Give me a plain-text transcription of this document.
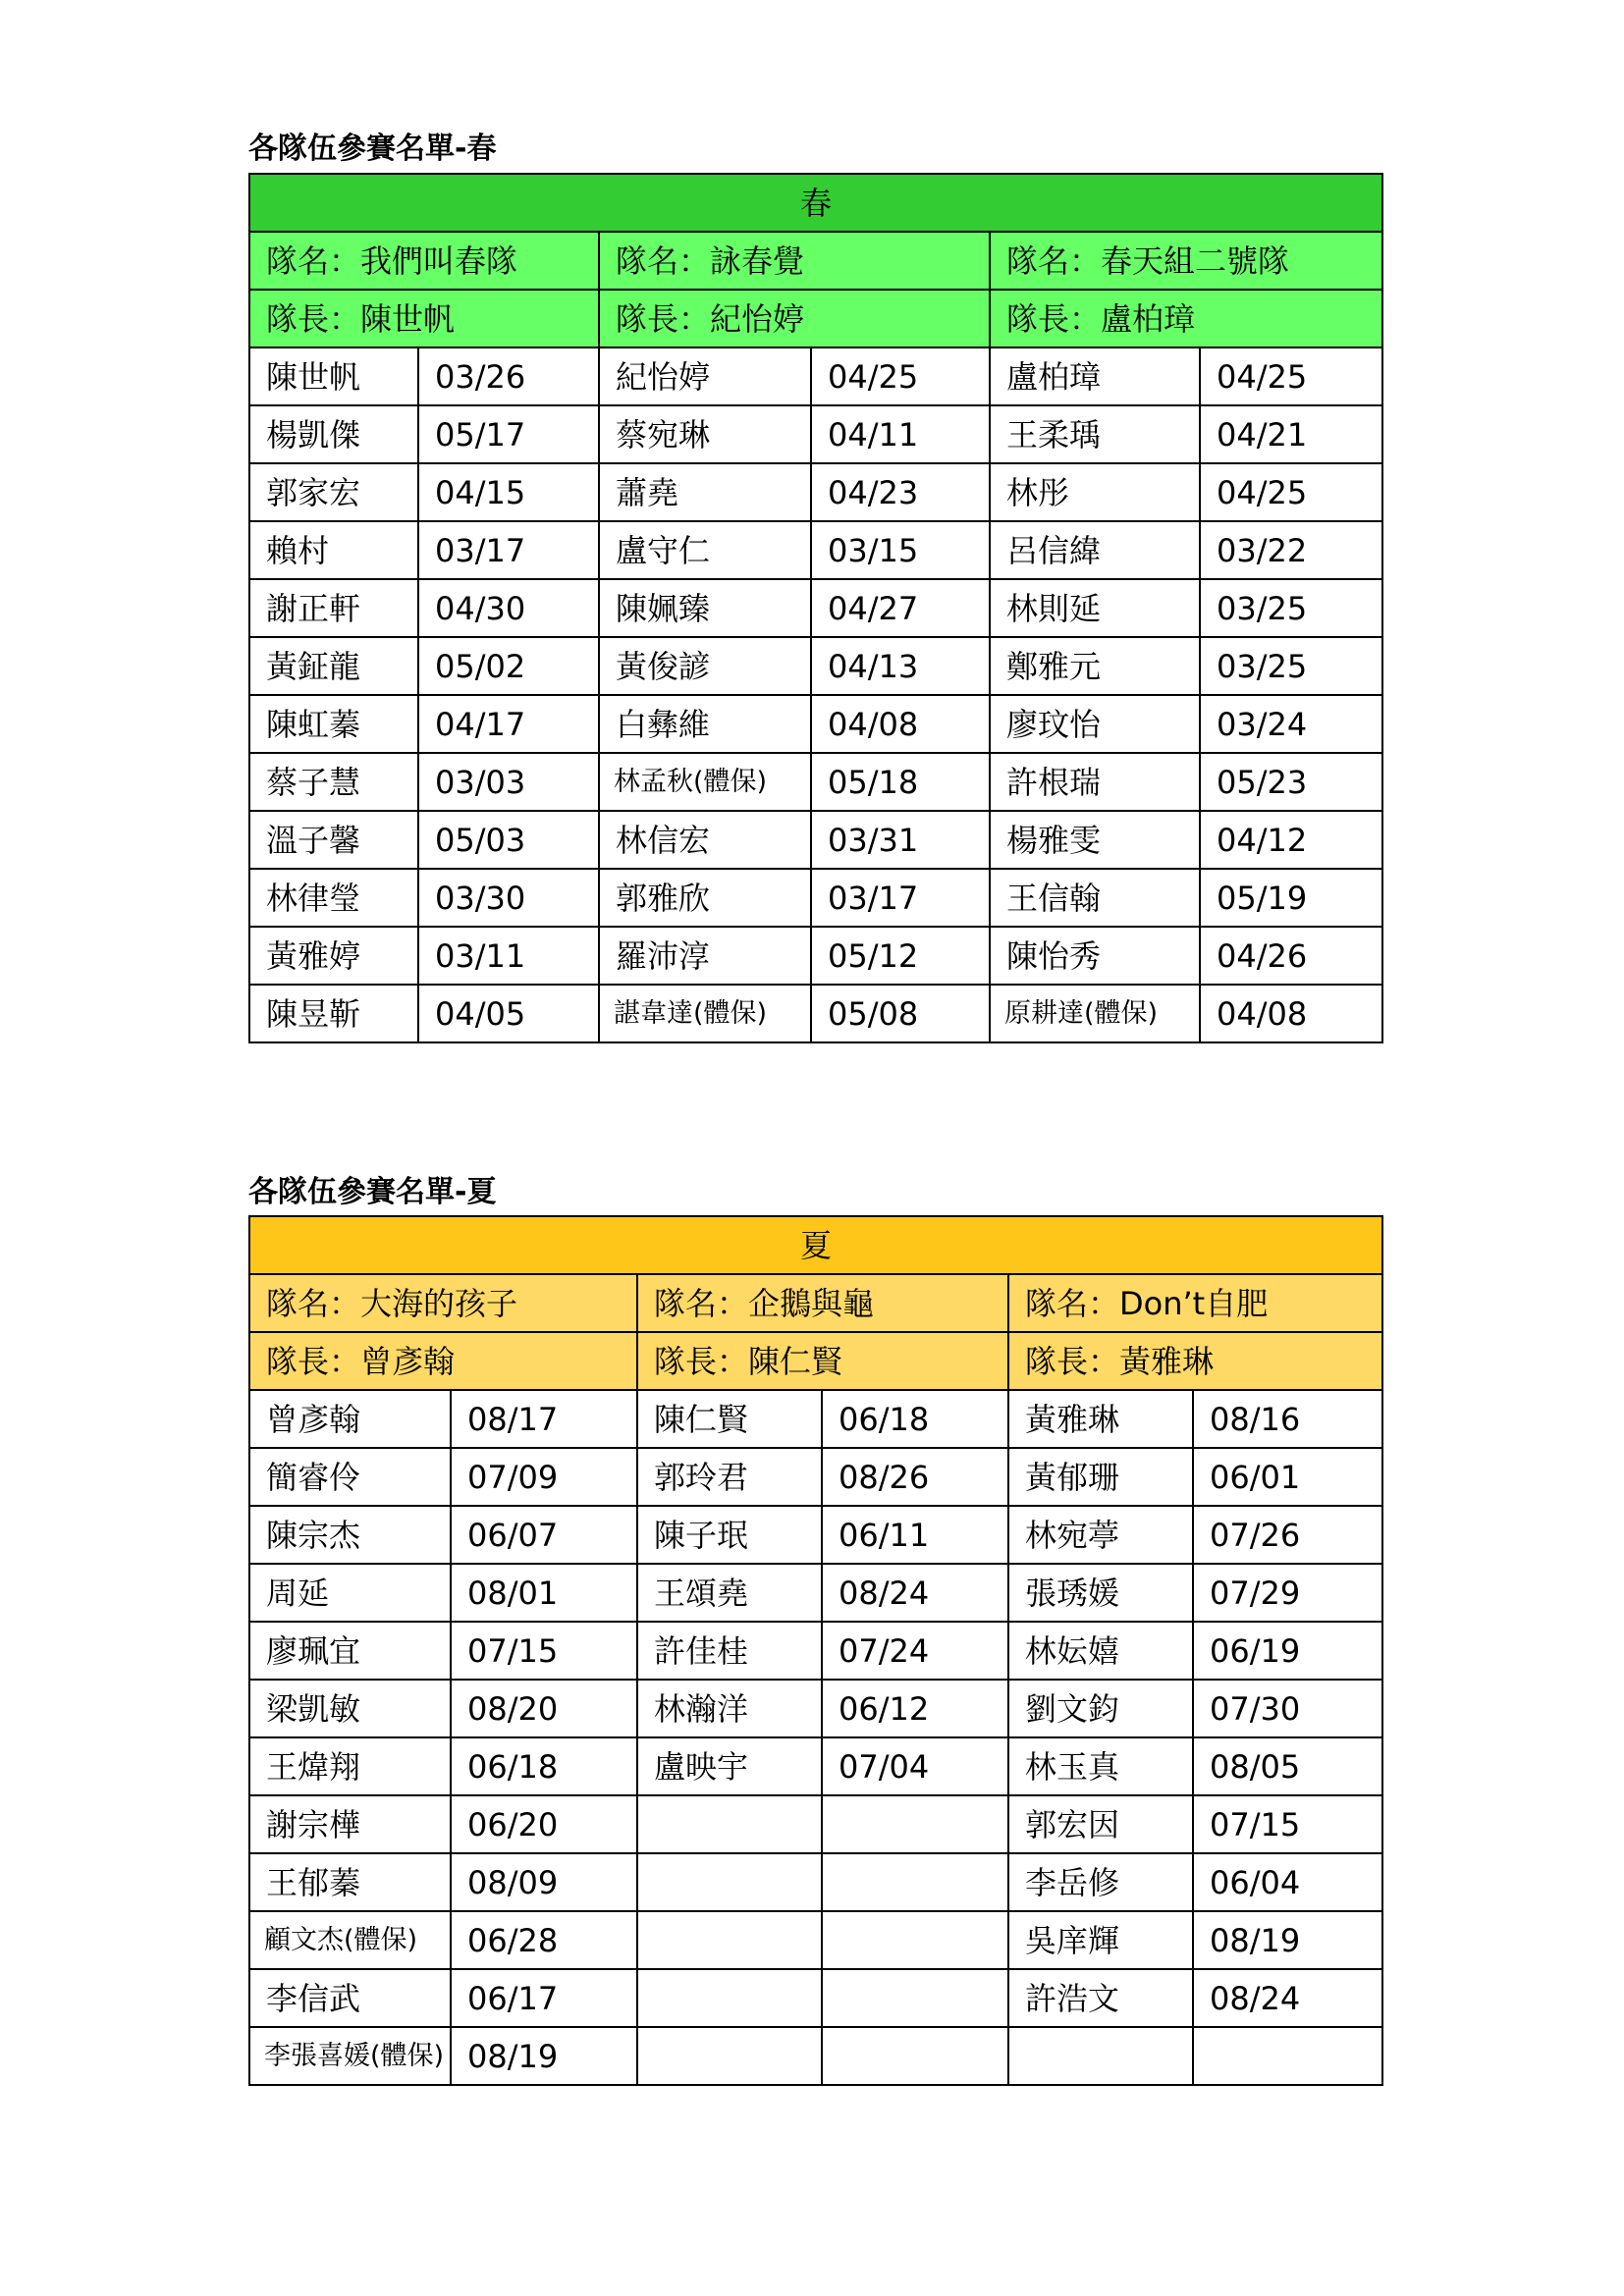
各隊伍參賽名單-春
春					
隊名：我們叫春隊		隊名：詠春覺		隊名：春天組二號隊	
隊長：陳世帆		隊長：紀怡婷		隊長：盧柏璋	
陳世帆	03/26	紀怡婷	04/25	盧柏璋	04/25
楊凱傑	05/17	蔡宛琳	04/11	王柔瑀	04/21
郭家宏	04/15	蕭堯	04/23	林彤	04/25
賴村	03/17	盧守仁	03/15	呂信緯	03/22
謝正軒	04/30	陳姵臻	04/27	林則延	03/25
黃鉦龍	05/02	黃俊諺	04/13	鄭雅元	03/25
陳虹蓁	04/17	白彝維	04/08	廖玟怡	03/24
蔡子慧	03/03	林孟秋(體保)	05/18	許根瑞	05/23
溫子馨	05/03	林信宏	03/31	楊雅雯	04/12
林律瑩	03/30	郭雅欣	03/17	王信翰	05/19
黃雅婷	03/11	羅沛淳	05/12	陳怡秀	04/26
陳昱靳	04/05	諶韋達(體保)	05/08	原耕達(體保)	04/08
各隊伍參賽名單-夏
夏					
隊名：大海的孩子		隊名：企鵝與龜		隊名：Don’t自肥	
隊長：曾彥翰		隊長：陳仁賢		隊長：黃雅琳	
曾彥翰	08/17	陳仁賢	06/18	黃雅琳	08/16
簡睿伶	07/09	郭玲君	08/26	黃郁珊	06/01
陳宗杰	06/07	陳子珉	06/11	林宛葶	07/26
周延	08/01	王頌堯	08/24	張琇媛	07/29
廖珮宜	07/15	許佳桂	07/24	林妘嬉	06/19
梁凱敏	08/20	林瀚洋	06/12	劉文鈞	07/30
王煒翔	06/18	盧映宇	07/04	林玉真	08/05
謝宗樺	06/20			郭宏因	07/15
王郁蓁	08/09			李岳修	06/04
顧文杰(體保)	06/28			吳庠輝	08/19
李信武	06/17			許浩文	08/24
李張喜媛(體保)	08/19				
